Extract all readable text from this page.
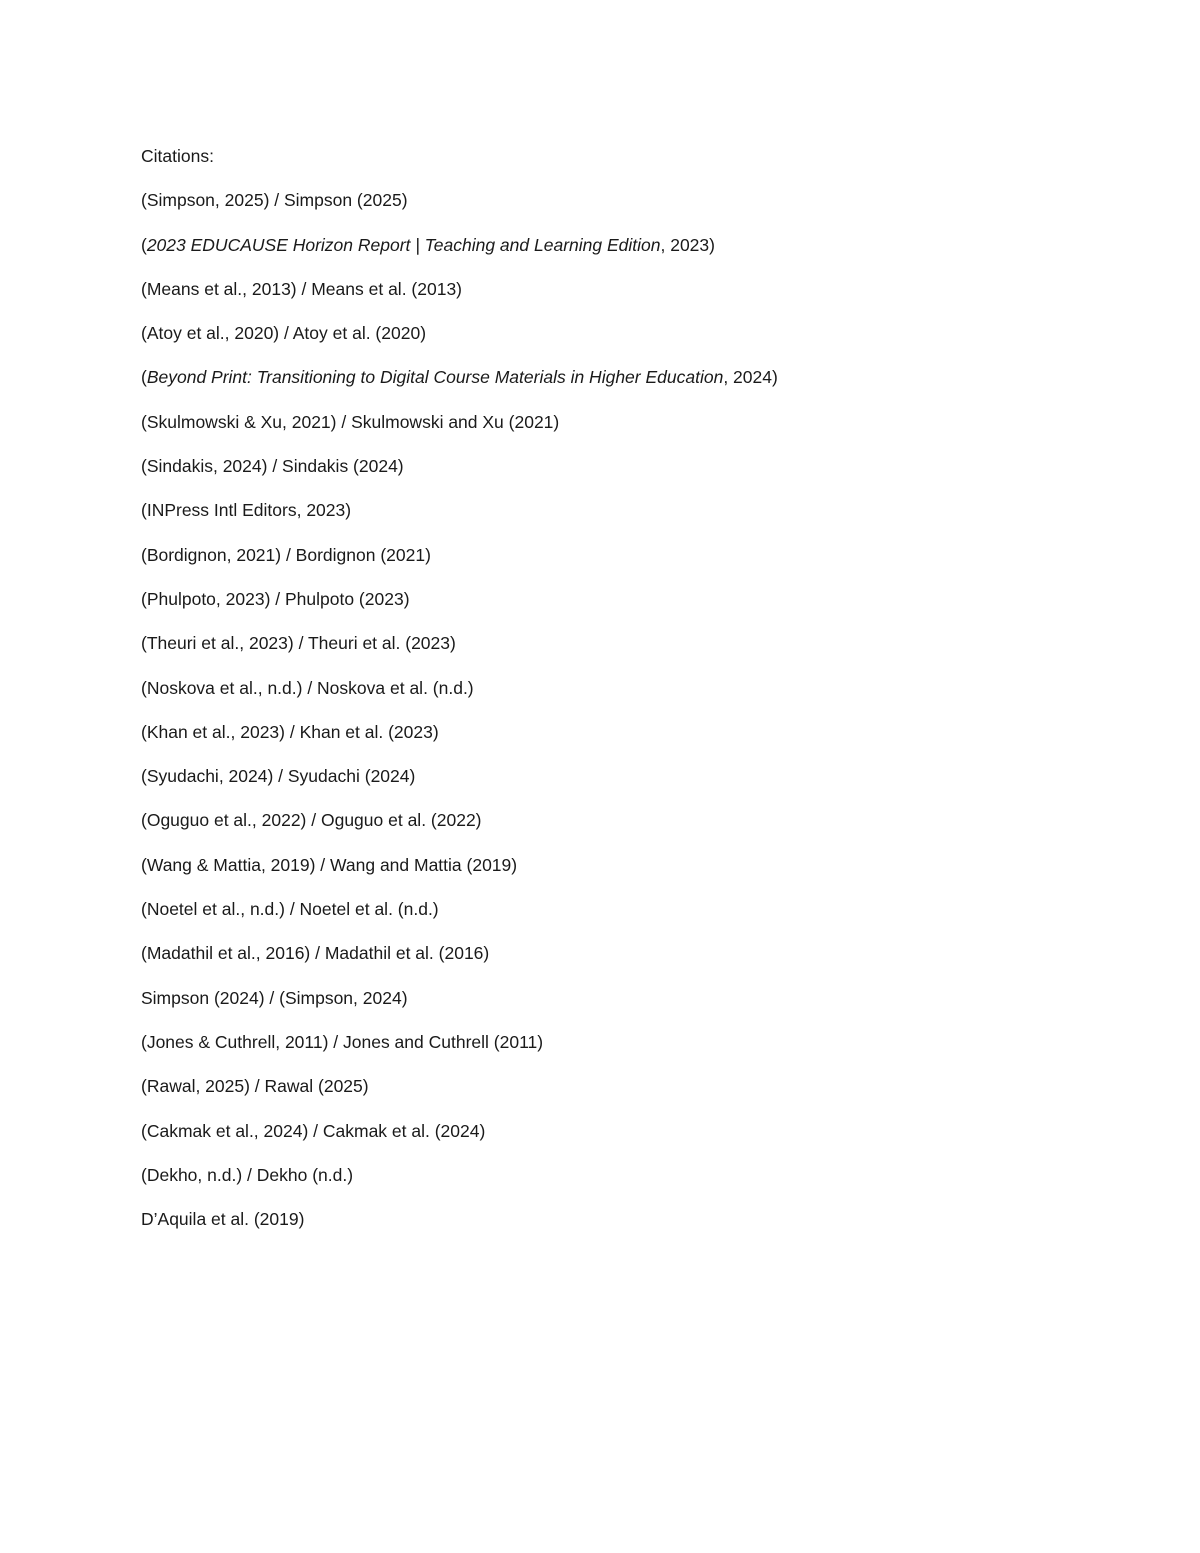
Citations:
(Simpson, 2025) / Simpson (2025)
(2023 EDUCAUSE Horizon Report | Teaching and Learning Edition, 2023)
(Means et al., 2013) / Means et al. (2013)
(Atoy et al., 2020) / Atoy et al. (2020)
(Beyond Print: Transitioning to Digital Course Materials in Higher Education, 2024)
(Skulmowski & Xu, 2021) / Skulmowski and Xu (2021)
(Sindakis, 2024) / Sindakis (2024)
(INPress Intl Editors, 2023)
(Bordignon, 2021) / Bordignon (2021)
(Phulpoto, 2023) / Phulpoto (2023)
(Theuri et al., 2023) / Theuri et al. (2023)
(Noskova et al., n.d.) / Noskova et al. (n.d.)
(Khan et al., 2023) / Khan et al. (2023)
(Syudachi, 2024) / Syudachi (2024)
(Oguguo et al., 2022) / Oguguo et al. (2022)
(Wang & Mattia, 2019) / Wang and Mattia (2019)
(Noetel et al., n.d.) / Noetel et al. (n.d.)
(Madathil et al., 2016) / Madathil et al. (2016)
Simpson (2024) / (Simpson, 2024)
(Jones & Cuthrell, 2011) / Jones and Cuthrell (2011)
(Rawal, 2025) / Rawal (2025)
(Cakmak et al., 2024) / Cakmak et al. (2024)
(Dekho, n.d.) / Dekho (n.d.)
D’Aquila et al. (2019)
